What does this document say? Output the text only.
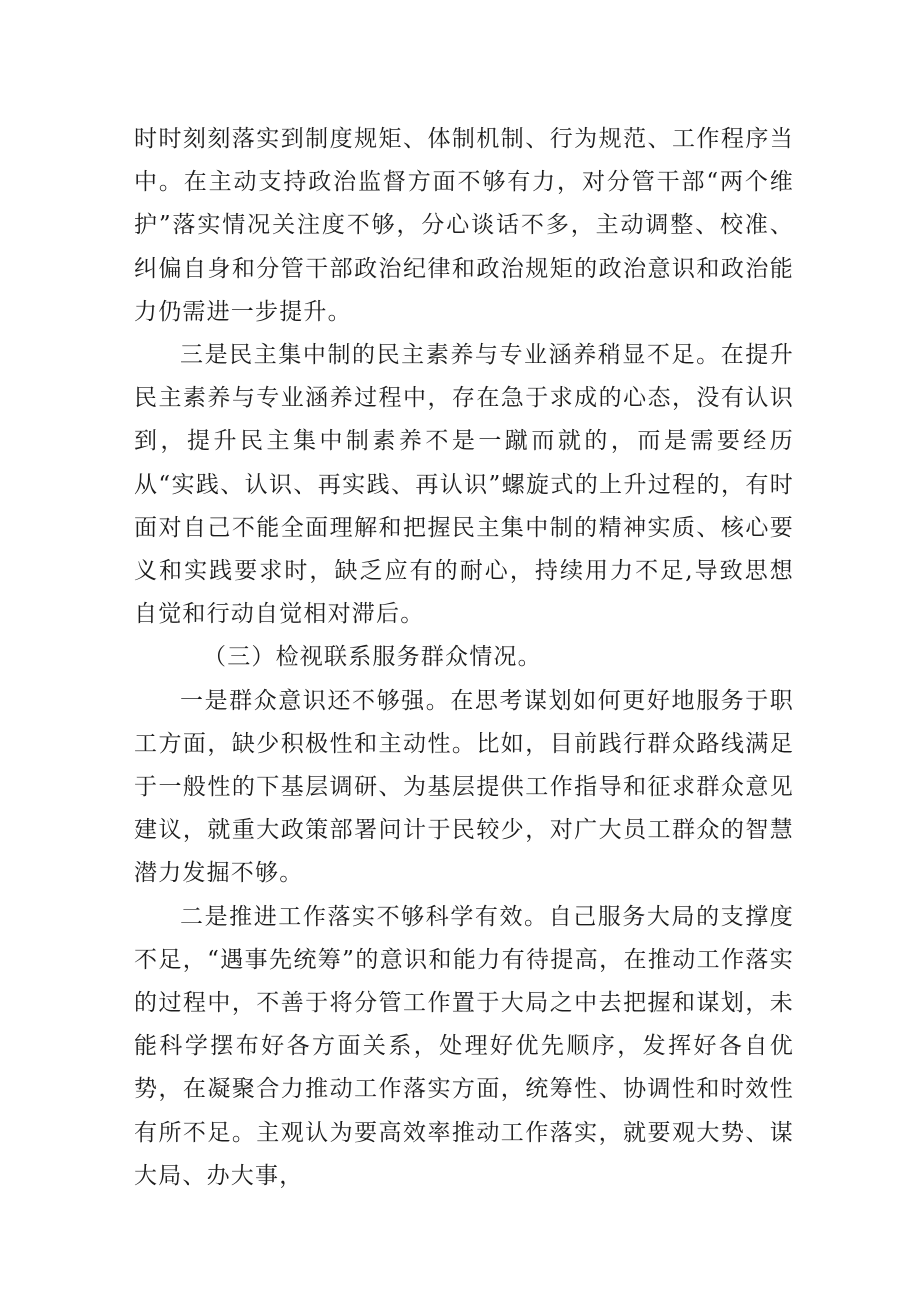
时时刻刻落实到制度规矩、体制机制、行为规范、工作程序当中。在主动支持政治监督方面不够有力，对分管干部“两个维护”落实情况关注度不够，分心谈话不多，主动调整、校准、纠偏自身和分管干部政治纪律和政治规矩的政治意识和政治能力仍需进一步提升。

三是民主集中制的民主素养与专业涵养稍显不足。在提升民主素养与专业涵养过程中，存在急于求成的心态，没有认识到，提升民主集中制素养不是一蹴而就的，而是需要经历从“实践、认识、再实践、再认识”螺旋式的上升过程的，有时面对自己不能全面理解和把握民主集中制的精神实质、核心要义和实践要求时，缺乏应有的耐心，持续用力不足,导致思想自觉和行动自觉相对滞后。

（三）检视联系服务群众情况。

一是群众意识还不够强。在思考谋划如何更好地服务于职工方面，缺少积极性和主动性。比如，目前践行群众路线满足于一般性的下基层调研、为基层提供工作指导和征求群众意见建议，就重大政策部署问计于民较少，对广大员工群众的智慧潜力发掘不够。

二是推进工作落实不够科学有效。自己服务大局的支撑度不足，“遇事先统筹”的意识和能力有待提高，在推动工作落实的过程中，不善于将分管工作置于大局之中去把握和谋划，未能科学摆布好各方面关系，处理好优先顺序，发挥好各自优势，在凝聚合力推动工作落实方面，统筹性、协调性和时效性有所不足。主观认为要高效率推动工作落实，就要观大势、谋大局、办大事，
